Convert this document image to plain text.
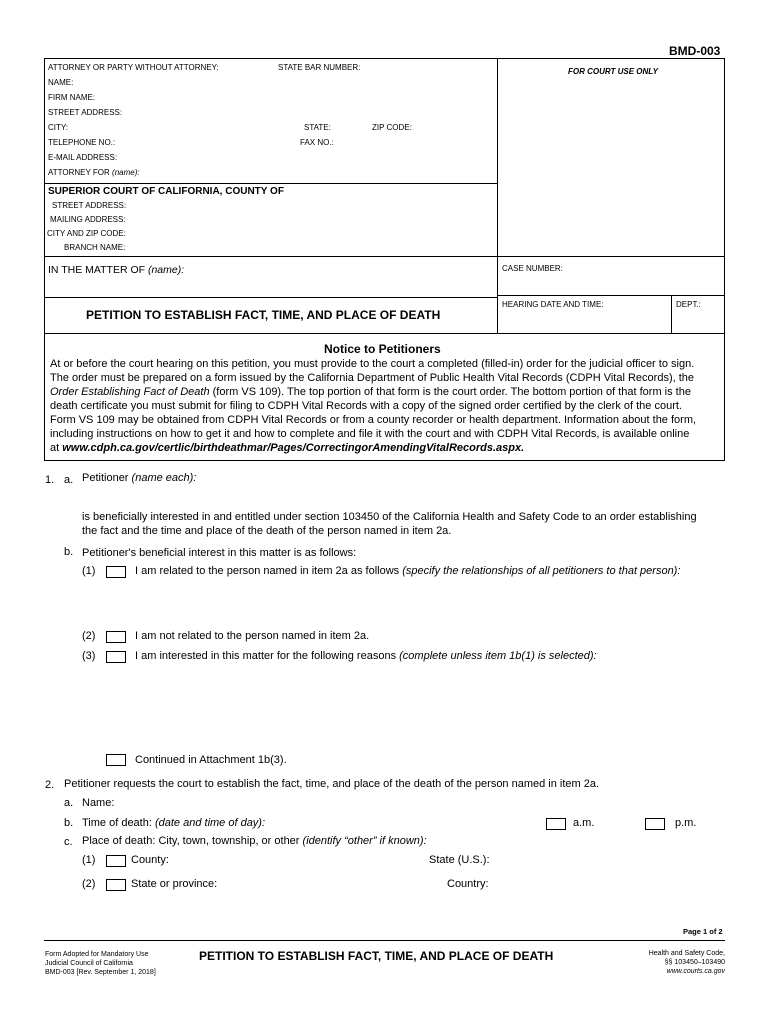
BMD-003
ATTORNEY OR PARTY WITHOUT ATTORNEY:	STATE BAR NUMBER:	FOR COURT USE ONLY
NAME:
FIRM NAME:
STREET ADDRESS:
CITY:	STATE:	ZIP CODE:
TELEPHONE NO.:	FAX NO.:
E-MAIL ADDRESS:
ATTORNEY FOR (name):
SUPERIOR COURT OF CALIFORNIA, COUNTY OF
STREET ADDRESS:
MAILING ADDRESS:
CITY AND ZIP CODE:
BRANCH NAME:
IN THE MATTER OF (name):	CASE NUMBER:
HEARING DATE AND TIME:	DEPT.:
PETITION TO ESTABLISH FACT, TIME, AND PLACE OF DEATH
Notice to Petitioners
At or before the court hearing on this petition, you must provide to the court a completed (filled-in) order for the judicial officer to sign.
The order must be prepared on a form issued by the California Department of Public Health Vital Records (CDPH Vital Records), the
Order Establishing Fact of Death (form VS 109). The top portion of that form is the court order. The bottom portion of that form is the
death certificate you must submit for filing to CDPH Vital Records with a copy of the signed order certified by the clerk of the court.
Form VS 109 may be obtained from CDPH Vital Records or from a county recorder or health department. Information about the form,
including instructions on how to get it and how to complete and file it with the court and with CDPH Vital Records, is available online
at www.cdph.ca.gov/certlic/birthdeathmar/Pages/CorrectingorAmendingVitalRecords.aspx.
1. a. Petitioner (name each):
is beneficially interested in and entitled under section 103450 of the California Health and Safety Code to an order establishing
the fact and the time and place of the death of the person named in item 2a.
b. Petitioner's beneficial interest in this matter is as follows:
(1)	I am related to the person named in item 2a as follows (specify the relationships of all petitioners to that person):
(2)	I am not related to the person named in item 2a.
(3)	I am interested in this matter for the following reasons (complete unless item 1b(1) is selected):
Continued in Attachment 1b(3).
2. Petitioner requests the court to establish the fact, time, and place of the death of the person named in item 2a.
a. Name:
b. Time of death: (date and time of day):	a.m.	p.m.
c. Place of death: City, town, township, or other (identify “other” if known):
(1)	County:	State (U.S.):
(2)	State or province:	Country:
Page 1 of 2
Form Adopted for Mandatory Use
Judicial Council of California
BMD-003 [Rev. September 1, 2018]
PETITION TO ESTABLISH FACT, TIME, AND PLACE OF DEATH	Health and Safety Code,
§§ 103450–103490
www.courts.ca.gov
